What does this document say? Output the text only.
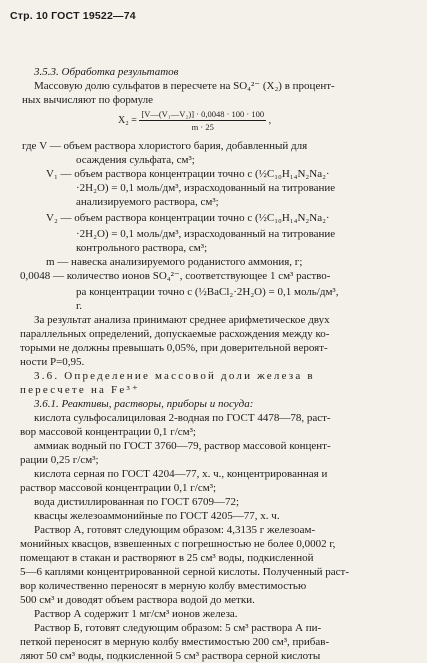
Стр. 10 ГОСТ 19522—74
3.5.3. Обработка результатов
Массовую долю сульфатов в пересчете на SO₄²⁻ (X₂) в процент-
ных вычисляют по формуле
$X_2 = \frac{\text{[V—(V₁—V₂)] · 0,0048 · 100 · 100}}{m \cdot 25}$ ,
где V — объем раствора хлористого бария, добавленный для
осаждения сульфата, см³;
V₁ — объем раствора концентрации точно с (½C₁₀H₁₄N₂Na₂·
·2H₂O) = 0,1 моль/дм³, израсходованный на титрование
анализируемого раствора, см³;
V₂ — объем раствора концентрации точно с (½C₁₀H₁₄N₂Na₂·
·2H₂O) = 0,1 моль/дм³, израсходованный на титрование
контрольного раствора, см³;
m — навеска анализируемого роданистого аммония, г;
0,0048 — количество ионов SO₄²⁻, соответствующее 1 см³ раство-
ра концентрации точно с (½BaCl₂·2H₂O) = 0,1 моль/дм³,
г.
За результат анализа принимают среднее арифметическое двух
параллельных определений, допускаемые расхождения между ко-
торыми не должны превышать 0,05%, при доверительной вероят-
ности P=0,95.
3.6. Определение массовой доли железа в
пересчете на Fe³⁺
3.6.1. Реактивы, растворы, приборы и посуда:
кислота сульфосалициловая 2-водная по ГОСТ 4478—78, раст-
вор массовой концентрации 0,1 г/см³;
аммиак водный по ГОСТ 3760—79, раствор массовой концент-
рации 0,25 г/см³;
кислота серная по ГОСТ 4204—77, х. ч., концентрированная и
раствор массовой концентрации 0,1 г/см³;
вода дистиллированная по ГОСТ 6709—72;
квасцы железоаммонийные по ГОСТ 4205—77, х. ч.
Раствор А, готовят следующим образом: 4,3135 г железоам-
монийных квасцов, взвешенных с погрешностью не более 0,0002 г,
помещают в стакан и растворяют в 25 см³ воды, подкисленной
5—6 каплями концентрированной серной кислоты. Полученный раст-
вор количественно переносят в мерную колбу вместимостью
500 см³ и доводят объем раствора водой до метки.
Раствор А содержит 1 мг/см³ ионов железа.
Раствор Б, готовят следующим образом: 5 см³ раствора А пи-
петкой переносят в мерную колбу вместимостью 200 см³, прибав-
ляют 50 см³ воды, подкисленной 5 см³ раствора серной кислоты
